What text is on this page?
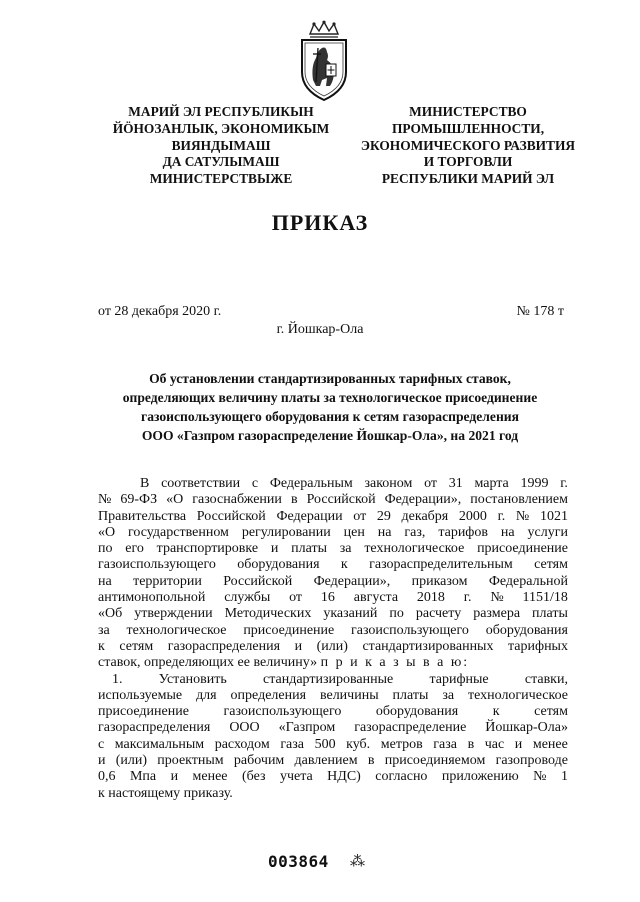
МАРИЙ ЭЛ РЕСПУБЛИКЫН
ЙӦНОЗАНЛЫК, ЭКОНОМИКЫМ
ВИЯНДЫМАШ
ДА САТУЛЫМАШ
МИНИСТЕРСТВЫЖЕ
МИНИСТЕРСТВО
ПРОМЫШЛЕННОСТИ,
ЭКОНОМИЧЕСКОГО РАЗВИТИЯ
И ТОРГОВЛИ
РЕСПУБЛИКИ МАРИЙ ЭЛ
ПРИКАЗ
от 28 декабря 2020 г.	№ 178 т
г. Йошкар-Ола
Об установлении стандартизированных тарифных ставок,
определяющих величину платы за технологическое присоединение
газоиспользующего оборудования к сетям газораспределения
ООО «Газпром газораспределение Йошкар-Ола», на 2021 год
В соответствии с Федеральным законом от 31 марта 1999 г.
№ 69-ФЗ «О газоснабжении в Российской Федерации», постановлением
Правительства Российской Федерации от 29 декабря 2000 г. № 1021
«О государственном регулировании цен на газ, тарифов на услуги
по его транспортировке и платы за технологическое присоединение
газоиспользующего оборудования к газораспределительным сетям
на территории Российской Федерации», приказом Федеральной
антимонопольной службы от 16 августа 2018 г. № 1151/18
«Об утверждении Методических указаний по расчету размера платы
за технологическое присоединение газоиспользующего оборудования
к сетям газораспределения и (или) стандартизированных тарифных
ставок, определяющих ее величину»
п р и к а з ы в а ю:
1.	Установить	стандартизированные	тарифные	ставки,
используемые для определения величины платы за технологическое
присоединение газоиспользующего оборудования к сетям
газораспределения ООО «Газпром газораспределение Йошкар-Ола»
с максимальным расходом газа 500 куб. метров газа в час и менее
и (или) проектным рабочим давлением в присоединяемом газопроводе
0,6 Мпа и менее (без учета НДС) согласно приложению № 1
к настоящему приказу.
003864 ⁂
